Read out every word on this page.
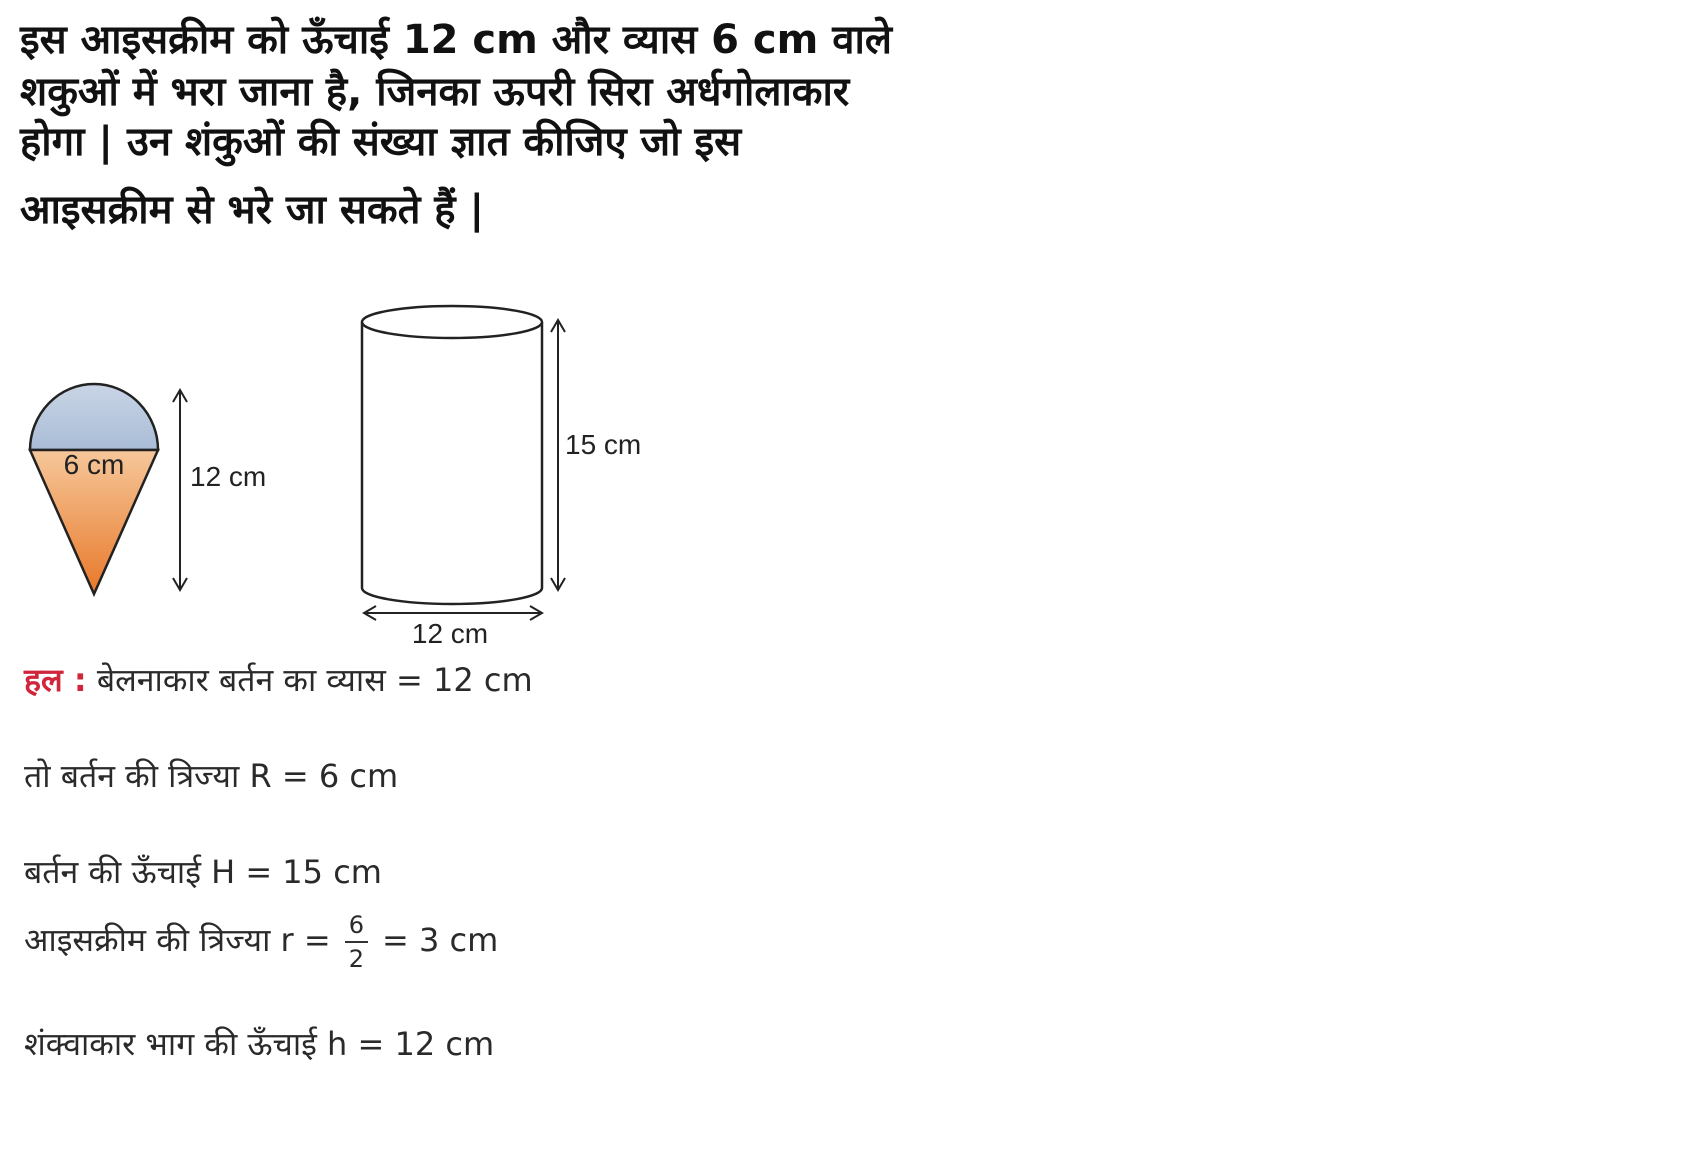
इस आइसक्रीम को ऊँचाई 12 cm और व्यास 6 cm वाले

शकुओं में भरा जाना है, जिनका ऊपरी सिरा अर्धगोलाकार

होगा | उन शंकुओं की संख्या ज्ञात कीजिए जो इस

आइसक्रीम से भरे जा सकते हैं |

6 cm 12 cm
15 cm
12 cm

हल : बेलनाकार बर्तन का व्यास = 12 cm

तो बर्तन की त्रिज्या R = 6 cm

बर्तन की ऊँचाई H = 15 cm

आइसक्रीम की त्रिज्या $r = \frac{6}{2} = 3$ cm

शंक्वाकार भाग की ऊँचाई h = 12 cm
